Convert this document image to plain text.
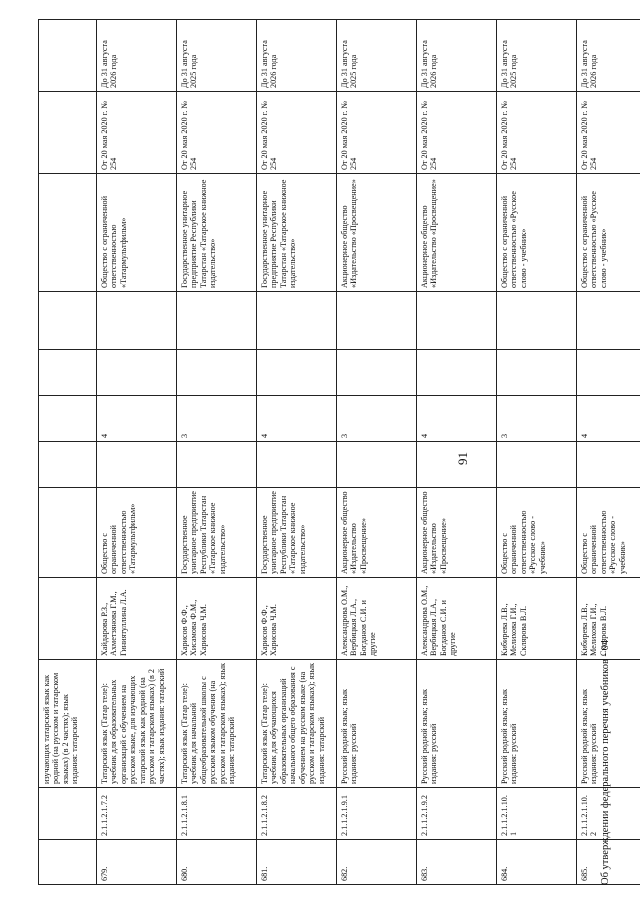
91
		изучающих татарский язык как родной (на русском и татарском языках) (в 2 частях); язык издания: татарский									
679.	2.1.1.2.1.7.2	Татарский язык (Татар теле): учебник для образовательных организаций с обучением на русском языке, для изучающих татарский язык как родной (на русском и татарском языках) (в 2 частях); язык издания: татарский	Хайдарова Р.З., Ахметзянова Г.М., Гиниятуллина Л.А.	Общество с ограниченной ответственностью «Татармультфильм»		4			Общество с ограниченной ответственностью «Татармультфильм»	От 20 мая 2020 г. № 254	До 31 августа 2026 года
680.	2.1.1.2.1.8.1	Татарский язык (Татар теле): учебник для начальной общеобразовательной школы с русским языком обучения (на русском и татарском языках); язык издания: татарский	Харисов Ф.Ф., Хисамова Ф.М., Харисова Ч.М.	Государственное унитарное предприятие Республики Татарстан «Татарское книжное издательство»		3			Государственное унитарное предприятие Республики Татарстан «Татарское книжное издательство»	От 20 мая 2020 г. № 254	До 31 августа 2025 года
681.	2.1.1.2.1.8.2	Татарский язык (Татар теле): учебник для обучающихся образовательных организаций начального общего образования с обучением на русском языке (на русском и татарском языках); язык издания: татарский	Харисов Ф.Ф., Харисова Ч.М.	Государственное унитарное предприятие Республики Татарстан «Татарское книжное издательство»		4			Государственное унитарное предприятие Республики Татарстан «Татарское книжное издательство»	От 20 мая 2020 г. № 254	До 31 августа 2026 года
682.	2.1.1.2.1.9.1	Русский родной язык; язык издания: русский	Александрова О.М., Вербицкая Л.А., Богданов С.И. и другие	Акционерное общество «Издательство «Просвещение»		3			Акционерное общество «Издательство «Просвещение»	От 20 мая 2020 г. № 254	До 31 августа 2025 года
683.	2.1.1.2.1.9.2	Русский родной язык; язык издания: русский	Александрова О.М., Вербицкая Л.А., Богданов С.И. и другие	Акционерное общество «Издательство «Просвещение»		4			Акционерное общество «Издательство «Просвещение»	От 20 мая 2020 г. № 254	До 31 августа 2026 года
684.	2.1.1.2.1.10.1	Русский родной язык; язык издания: русский	Кибирева Л.В., Мелихова Г.И., Склярова В.Л.	Общество с ограниченной ответственностью «Русское слово - учебник»		3			Общество с ограниченной ответственностью «Русское слово - учебник»	От 20 мая 2020 г. № 254	До 31 августа 2025 года
685.	2.1.1.2.1.10.2	Русский родной язык; язык издания: русский	Кибирева Л.В., Мелихова Г.И., Склярова В.Л.	Общество с ограниченной ответственностью «Русское слово - учебник»		4			Общество с ограниченной ответственностью «Русское слово - учебник»	От 20 мая 2020 г. № 254	До 31 августа 2026 года
Об утверждении федерального перечня учебников - 04
